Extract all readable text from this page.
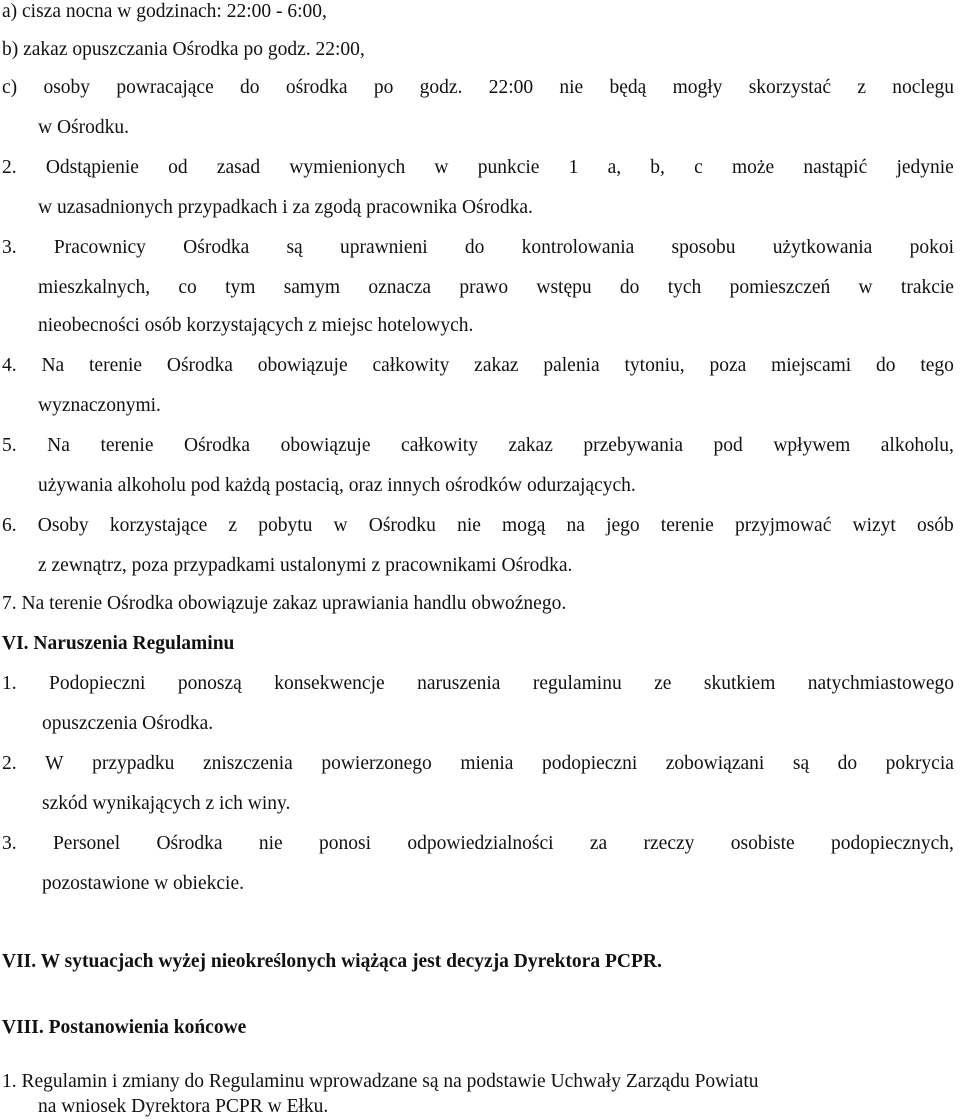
a) cisza nocna w godzinach: 22:00 - 6:00,
b) zakaz opuszczania Ośrodka po godz. 22:00,
c) osoby powracające do ośrodka po godz. 22:00 nie będą mogły skorzystać z noclegu
w Ośrodku.
2. Odstąpienie od zasad wymienionych w punkcie 1 a, b, c może nastąpić jedynie
w uzasadnionych przypadkach i za zgodą pracownika Ośrodka.
3. Pracownicy Ośrodka są uprawnieni do kontrolowania sposobu użytkowania pokoi
mieszkalnych, co tym samym oznacza prawo wstępu do tych pomieszczeń w trakcie
nieobecności osób korzystających z miejsc hotelowych.
4. Na terenie Ośrodka obowiązuje całkowity zakaz palenia tytoniu, poza miejscami do tego
wyznaczonymi.
5. Na terenie Ośrodka obowiązuje całkowity zakaz przebywania pod wpływem alkoholu,
używania alkoholu pod każdą postacią, oraz innych ośrodków odurzających.
6. Osoby korzystające z pobytu w Ośrodku nie mogą na jego terenie przyjmować wizyt osób
z zewnątrz, poza przypadkami ustalonymi z pracownikami Ośrodka.
7. Na terenie Ośrodka obowiązuje zakaz uprawiania handlu obwoźnego.
VI. Naruszenia Regulaminu
1. Podopieczni ponoszą konsekwencje naruszenia regulaminu ze skutkiem natychmiastowego
opuszczenia Ośrodka.
2. W przypadku zniszczenia powierzonego mienia podopieczni zobowiązani są do pokrycia
szkód wynikających z ich winy.
3. Personel Ośrodka nie ponosi odpowiedzialności za rzeczy osobiste podopiecznych,
pozostawione w obiekcie.
VII. W sytuacjach wyżej nieokreślonych wiążąca jest decyzja Dyrektora PCPR.
VIII. Postanowienia końcowe
1. Regulamin i zmiany do Regulaminu wprowadzane są na podstawie Uchwały Zarządu Powiatu
na wniosek Dyrektora PCPR w Ełku.
